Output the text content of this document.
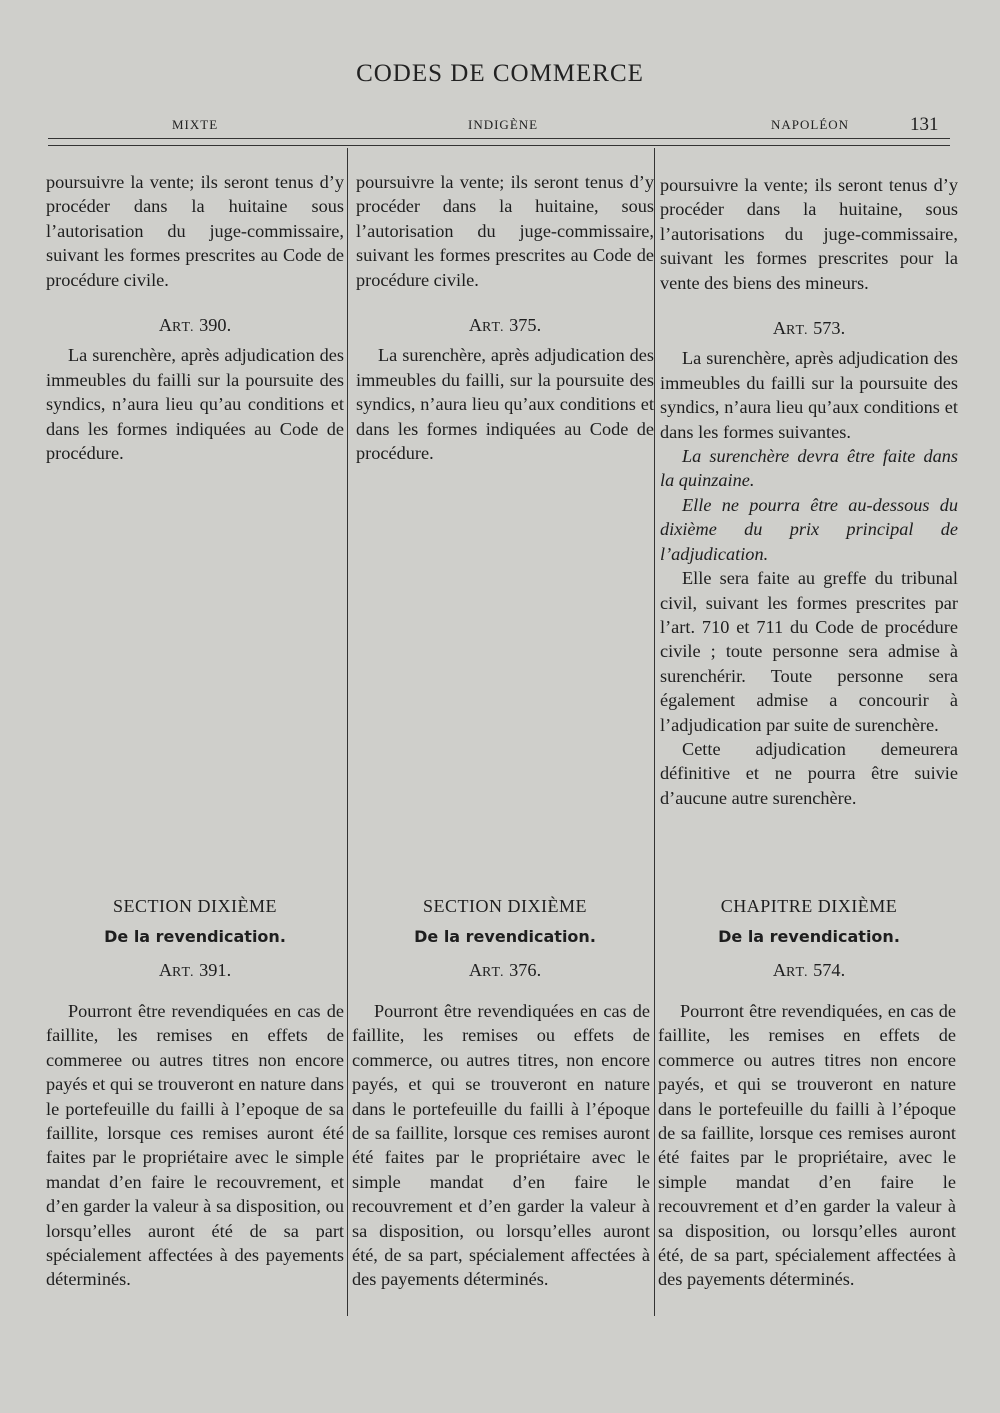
CODES DE COMMERCE
MIXTE	INDIGÈNE	NAPOLÉON	131

poursuivre la vente; ils seront tenus d’y procéder dans la huitaine sous l’autorisation du juge-commissaire, suivant les formes prescrites au Code de procédure civile.

ART. 390.

La surenchère, après adjudication des immeubles du failli sur la poursuite des syndics, n’aura lieu qu’au conditions et dans les formes indiquées au Code de procédure.

SECTION DIXIÈME
De la revendication.
ART. 391.

Pourront être revendiquées en cas de faillite, les remises en effets de commeree ou autres titres non encore payés et qui se trouveront en nature dans le portefeuille du failli à l’epoque de sa faillite, lorsque ces remises auront été faites par le propriétaire avec le simple mandat d’en faire le recouvrement, et d’en garder la valeur à sa disposition, ou lorsqu’elles auront été de sa part spécialement affectées à des payements déterminés.

poursuivre la vente; ils seront tenus d’y procéder dans la huitaine, sous l’autorisation du juge-commissaire, suivant les formes prescrites au Code de procédure civile.

ART. 375.

La surenchère, après adjudication des immeubles du failli, sur la poursuite des syndics, n’aura lieu qu’aux conditions et dans les formes indiquées au Code de procédure.

SECTION DIXIÈME
De la revendication.
ART. 376.

Pourront être revendiquées en cas de faillite, les remises ou effets de commerce, ou autres titres, non encore payés, et qui se trouveront en nature dans le portefeuille du failli à l’époque de sa faillite, lorsque ces remises auront été faites par le propriétaire avec le simple mandat d’en faire le recouvrement et d’en garder la valeur à sa disposition, ou lorsqu’elles auront été, de sa part, spécialement affectées à des payements déterminés.

poursuivre la vente; ils seront tenus d’y procéder dans la huitaine, sous l’autorisations du juge-commissaire, suivant les formes prescrites pour la vente des biens des mineurs.

ART. 573.

La surenchère, après adjudication des immeubles du failli sur la poursuite des syndics, n’aura lieu qu’aux conditions et dans les formes suivantes.

La surenchère devra être faite dans la quinzaine.

Elle ne pourra être au-dessous du dixième du prix principal de l’adjudication.

Elle sera faite au greffe du tribunal civil, suivant les formes prescrites par l’art. 710 et 711 du Code de procédure civile ; toute personne sera admise à surenchérir. Toute personne sera également admise a concourir à l’adjudication par suite de surenchère.

Cette adjudication demeurera définitive et ne pourra être suivie d’aucune autre surenchère.

CHAPITRE DIXIÈME
De la revendication.
ART. 574.

Pourront être revendiquées, en cas de faillite, les remises en effets de commerce ou autres titres non encore payés, et qui se trouveront en nature dans le portefeuille du failli à l’époque de sa faillite, lorsque ces remises auront été faites par le propriétaire, avec le simple mandat d’en faire le recouvrement et d’en garder la valeur à sa disposition, ou lorsqu’elles auront été, de sa part, spécialement affectées à des payements déterminés.
